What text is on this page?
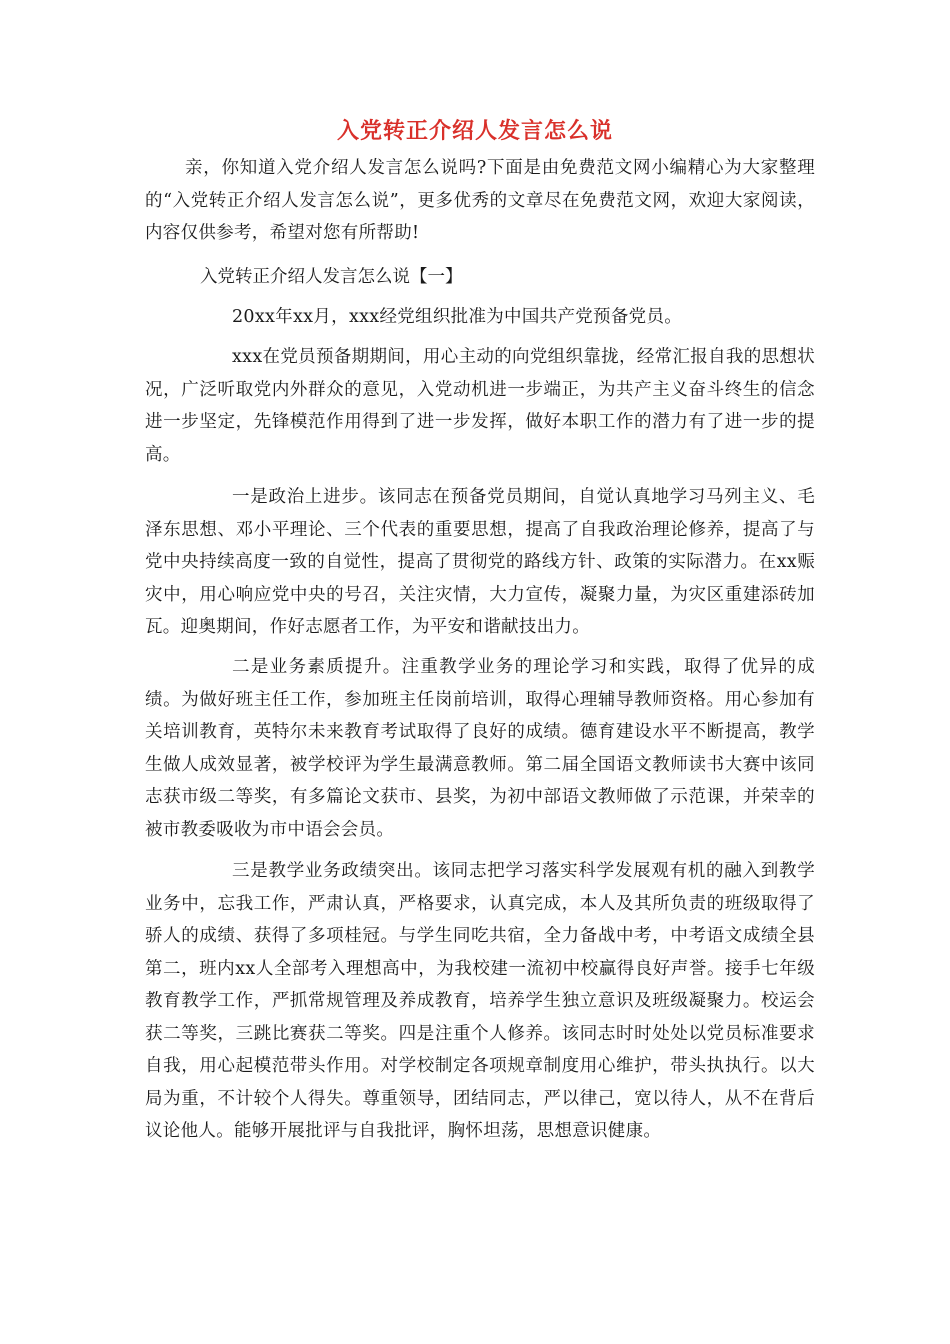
入党转正介绍人发言怎么说

亲，你知道入党介绍人发言怎么说吗?下面是由免费范文网小编精心为大家整理的“入党转正介绍人发言怎么说”，更多优秀的文章尽在免费范文网，欢迎大家阅读，内容仅供参考，希望对您有所帮助!

入党转正介绍人发言怎么说【一】

20xx年xx月，xxx经党组织批准为中国共产党预备党员。

xxx在党员预备期期间，用心主动的向党组织靠拢，经常汇报自我的思想状况，广泛听取党内外群众的意见，入党动机进一步端正，为共产主义奋斗终生的信念进一步坚定，先锋模范作用得到了进一步发挥，做好本职工作的潜力有了进一步的提高。

一是政治上进步。该同志在预备党员期间，自觉认真地学习马列主义、毛泽东思想、邓小平理论、三个代表的重要思想，提高了自我政治理论修养，提高了与党中央持续高度一致的自觉性，提高了贯彻党的路线方针、政策的实际潜力。在xx赈灾中，用心响应党中央的号召，关注灾情，大力宣传，凝聚力量，为灾区重建添砖加瓦。迎奥期间，作好志愿者工作，为平安和谐献技出力。

二是业务素质提升。注重教学业务的理论学习和实践，取得了优异的成绩。为做好班主任工作，参加班主任岗前培训，取得心理辅导教师资格。用心参加有关培训教育，英特尔未来教育考试取得了良好的成绩。德育建设水平不断提高，教学生做人成效显著，被学校评为学生最满意教师。第二届全国语文教师读书大赛中该同志获市级二等奖，有多篇论文获市、县奖，为初中部语文教师做了示范课，并荣幸的被市教委吸收为市中语会会员。

三是教学业务政绩突出。该同志把学习落实科学发展观有机的融入到教学业务中，忘我工作，严肃认真，严格要求，认真完成，本人及其所负责的班级取得了骄人的成绩、获得了多项桂冠。与学生同吃共宿，全力备战中考，中考语文成绩全县第二，班内xx人全部考入理想高中，为我校建一流初中校赢得良好声誉。接手七年级教育教学工作，严抓常规管理及养成教育，培养学生独立意识及班级凝聚力。校运会获二等奖，三跳比赛获二等奖。四是注重个人修养。该同志时时处处以党员标准要求自我，用心起模范带头作用。对学校制定各项规章制度用心维护，带头执执行。以大局为重，不计较个人得失。尊重领导，团结同志，严以律己，宽以待人，从不在背后议论他人。能够开展批评与自我批评，胸怀坦荡，思想意识健康。
